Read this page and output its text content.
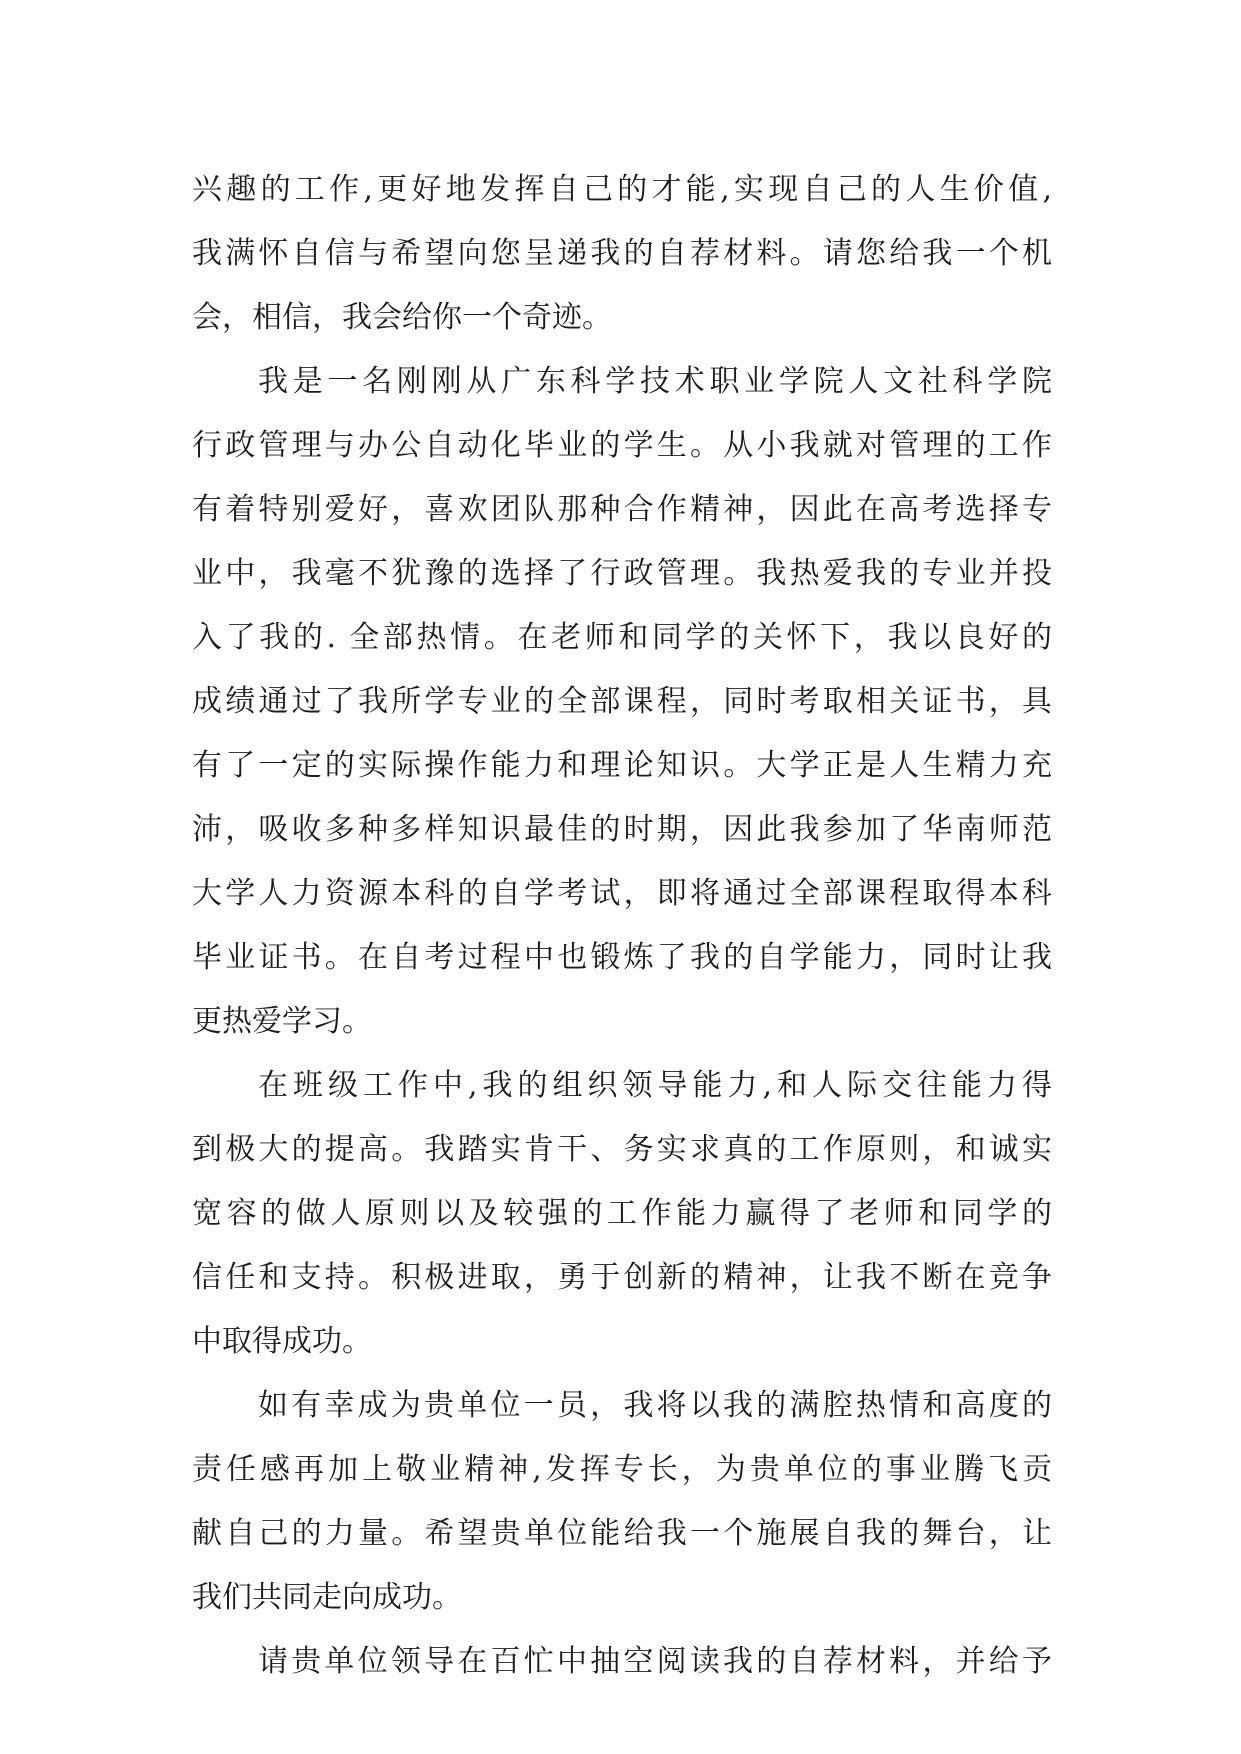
兴趣的工作,更好地发挥自己的才能,实现自己的人生价值,
我满怀自信与希望向您呈递我的自荐材料。请您给我一个机
会，相信，我会给你一个奇迹。
我是一名刚刚从广东科学技术职业学院人文社科学院
行政管理与办公自动化毕业的学生。从小我就对管理的工作
有着特别爱好，喜欢团队那种合作精神，因此在高考选择专
业中，我毫不犹豫的选择了行政管理。我热爱我的专业并投
入了我的. 全部热情。在老师和同学的关怀下，我以良好的
成绩通过了我所学专业的全部课程，同时考取相关证书，具
有了一定的实际操作能力和理论知识。大学正是人生精力充
沛，吸收多种多样知识最佳的时期，因此我参加了华南师范
大学人力资源本科的自学考试，即将通过全部课程取得本科
毕业证书。在自考过程中也锻炼了我的自学能力，同时让我
更热爱学习。
在班级工作中,我的组织领导能力,和人际交往能力得
到极大的提高。我踏实肯干、务实求真的工作原则，和诚实
宽容的做人原则以及较强的工作能力赢得了老师和同学的
信任和支持。积极进取，勇于创新的精神，让我不断在竞争
中取得成功。
如有幸成为贵单位一员，我将以我的满腔热情和高度的
责任感再加上敬业精神,发挥专长，为贵单位的事业腾飞贡
献自己的力量。希望贵单位能给我一个施展自我的舞台，让
我们共同走向成功。
请贵单位领导在百忙中抽空阅读我的自荐材料，并给予
